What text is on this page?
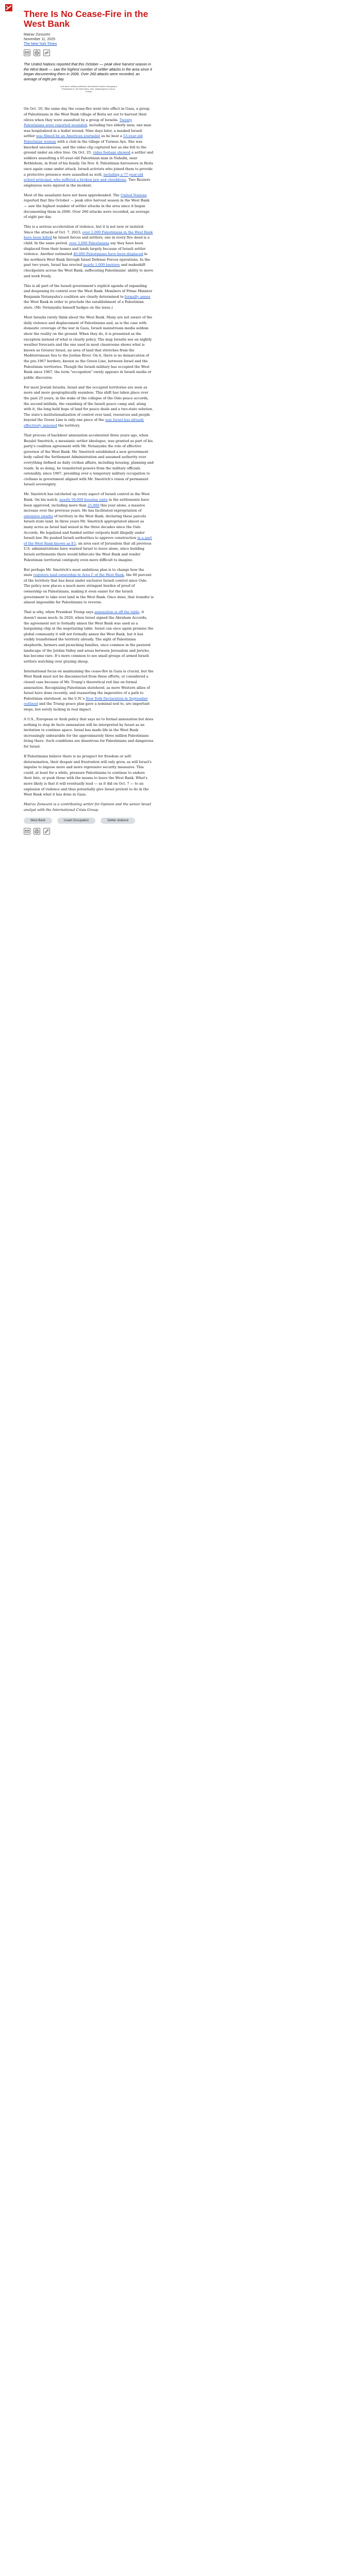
There Is No Cease-Fire in the West Bank
Mairav Zonszein
November 11, 2025
The New York Times
The United Nations reported that this October — peak olive harvest season in the West Bank — saw the highest number of settler attacks in the area since it began documenting them in 2006. Over 260 attacks were recorded, an average of eight per day.
Last week, military bulldozers demolished houses belonging to Palestinians in the West Bank. Zain Jaafar/Agence France-Presse

On Oct. 10, the same day the cease-fire went into effect in Gaza, a group of Palestinians in the West Bank village of Beita set out to harvest their olives when they were assaulted by a group of Israelis. Twenty Palestinians were reported wounded, including two elderly men; one man was hospitalized in a bullet wound. Nine days later, a masked Israeli settler was filmed by an American journalist as he beat a 53-year-old Palestinian woman with a club in the village of Turmus Aya. She was knocked unconscious, and the video clip captured her as she fell to the ground under an olive tree. On Oct. 25, video footage showed a settler and soldiers assaulting a 65-year-old Palestinian man in Nahalin, near Bethlehem, in front of his family. On Nov. 8, Palestinian harvesters in Beita once again came under attack. Israeli activists who joined them to provide a protective presence were assaulted as well, including a 77-year-old school principal, who suffered a broken jaw and cheekbone. Two Reuters employees were injured in the incident.

Most of the assailants have not been apprehended. The United Nations reported that this October — peak olive harvest season in the West Bank — saw the highest number of settler attacks in the area since it began documenting them in 2006. Over 260 attacks were recorded, an average of eight per day.

This is a serious acceleration of violence, but it is not new or isolated. Since the attacks of Oct. 7, 2023, over 1,000 Palestinians in the West Bank have been killed by Israeli forces and settlers; one in every five dead is a child. In the same period, over 3,000 Palestinians say they have been displaced from their homes and lands largely because of Israeli settler violence. Another estimated 40,000 Palestinians have been displaced in the northern West Bank through Israel Defense Forces operations. In the past two years, Israel has erected nearly 1,000 barriers and makeshift checkpoints across the West Bank, suffocating Palestinians' ability to move and work freely.

This is all part of the Israeli government's explicit agenda of expanding and deepening its control over the West Bank. Members of Prime Minister Benjamin Netanyahu's coalition are clearly determined to formally annex the West Bank in order to preclude the establishment of a Palestinian state. (Mr. Netanyahu himself hedges on the issue.)

Most Israelis rarely think about the West Bank. Many are not aware of the daily violence and displacement of Palestinians and, as is the case with domestic coverage of the war in Gaza, Israeli mainstream media seldom show the reality on the ground. When they do, it is presented as the exception instead of what is clearly policy. The map Israelis see on nightly weather forecasts and the one used in most classrooms shows what is known as Greater Israel, an area of land that stretches from the Mediterranean Sea to the Jordan River. On it, there is no demarcation of the pre-1967 borders, known as the Green Line, between Israel and the Palestinian territories. Though the Israeli military has occupied the West Bank since 1967, the term "occupation" rarely appears in Israeli media or public discourse.

For most Jewish Israelis, Israel and the occupied territories are seen as more and more geographically seamless. This shift has taken place over the past 25 years, in the wake of the collapse of the Oslo peace accords, the second intifada, the vanishing of the Israeli peace camp and, along with it, the long-held hope of land for peace deals and a two-state solution. The state's institutionalization of control over land, resources and people beyond the Green Line is only one piece of the way Israel has already effectively annexed the territory.

That process of backdoor annexation accelerated three years ago, when Bezalel Smotrich, a messianic settler ideologue, was granted as part of his party's coalition agreement with Mr. Netanyahu the role of effective governor of the West Bank. Mr. Smotrich established a new government body called the Settlement Administration and assumed authority over everything defined as daily civilian affairs, including housing, planning and roads. In so doing, he transferred powers from the military officials ostensibly, since 1967, presiding over a temporary military occupation to civilians in government aligned with Mr. Smotrich's vision of permanent Israeli sovereignty.

Mr. Smotrich has ratcheted up every aspect of Israeli control in the West Bank. On his watch, nearly 50,000 housing units in the settlements have been approved, including more than 25,000 this year alone, a massive increase over the previous years. He has facilitated expropriation of extensive swaths of territory in the West Bank, declaring these parcels Israeli state land. In three years Mr. Smotrich appropriated almost as many acres as Israel had seized in the three decades since the Oslo Accords. He legalized and funded settler outposts built illegally under Israeli law. He pushed Israeli authorities to approve construction in a part of the West Bank known as E1, an area east of Jerusalem that all previous U.S. administrations have warned Israel to leave alone, since building Israeli settlements there would bifurcate the West Bank and render Palestinian territorial contiguity even more difficult to imagine.

But perhaps Mr. Smotrich's most ambitious plan is to change how the state registers land ownership in Area C of the West Bank, the 60 percent of the territory that has been under exclusive Israeli control since Oslo. The policy now places a much more stringent burden of proof of ownership on Palestinians, making it even easier for the Israeli government to take over land in the West Bank. Once done, that transfer is almost impossible for Palestinians to reverse.

That is why, when President Trump says annexation is off the table, it doesn't mean much. In 2020, when Israel signed the Abraham Accords, the agreement not to formally annex the West Bank was used as a bargaining chip at the negotiating table. Israel can once again promise the global community it will not formally annex the West Bank, but it has visibly transformed the territory already. The sight of Palestinian shepherds, farmers and picnicking families, once common in the pastoral landscape of the Jordan Valley and areas between Jerusalem and Jericho, has become rare. It's more common to see small groups of armed Israeli settlers watching over grazing sheep.

International focus on maintaining the cease-fire in Gaza is crucial, but the West Bank must not be disconnected from these efforts, or considered a closed case because of Mr. Trump's theoretical red line on formal annexation. Recognizing Palestinian statehood, as more Western allies of Israel have done recently, and reasserting the imperative of a path to Palestinian statehood, as the U.N.'s New York Declaration in September outlined and the Trump peace plan gave a nominal nod to, are important steps, but sorely lacking in real impact.

A U.S., European or Arab policy that says no to formal annexation but does nothing to stop de facto annexation will be interpreted by Israel as an invitation to continue apace. Israel has made life in the West Bank increasingly unbearable for the approximately three million Palestinians living there. Such conditions are disastrous for Palestinians and dangerous for Israel.

If Palestinians believe there is no prospect for freedom or self-determination, their despair and frustration will only grow, as will Israel's impulse to impose more and more repressive security measures. This could, at least for a while, pressure Palestinians to continue to endure their fate, or push those with the means to leave the West Bank. What's more likely is that it will eventually lead — as it did on Oct. 7 — to an explosion of violence and thus potentially give Israel pretext to do in the West Bank what it has done in Gaza.

Mairav Zonszein is a contributing writer for Opinion and the senior Israel analyst with the International Crisis Group.

West Bank	Israeli Occupation	Settler violence
